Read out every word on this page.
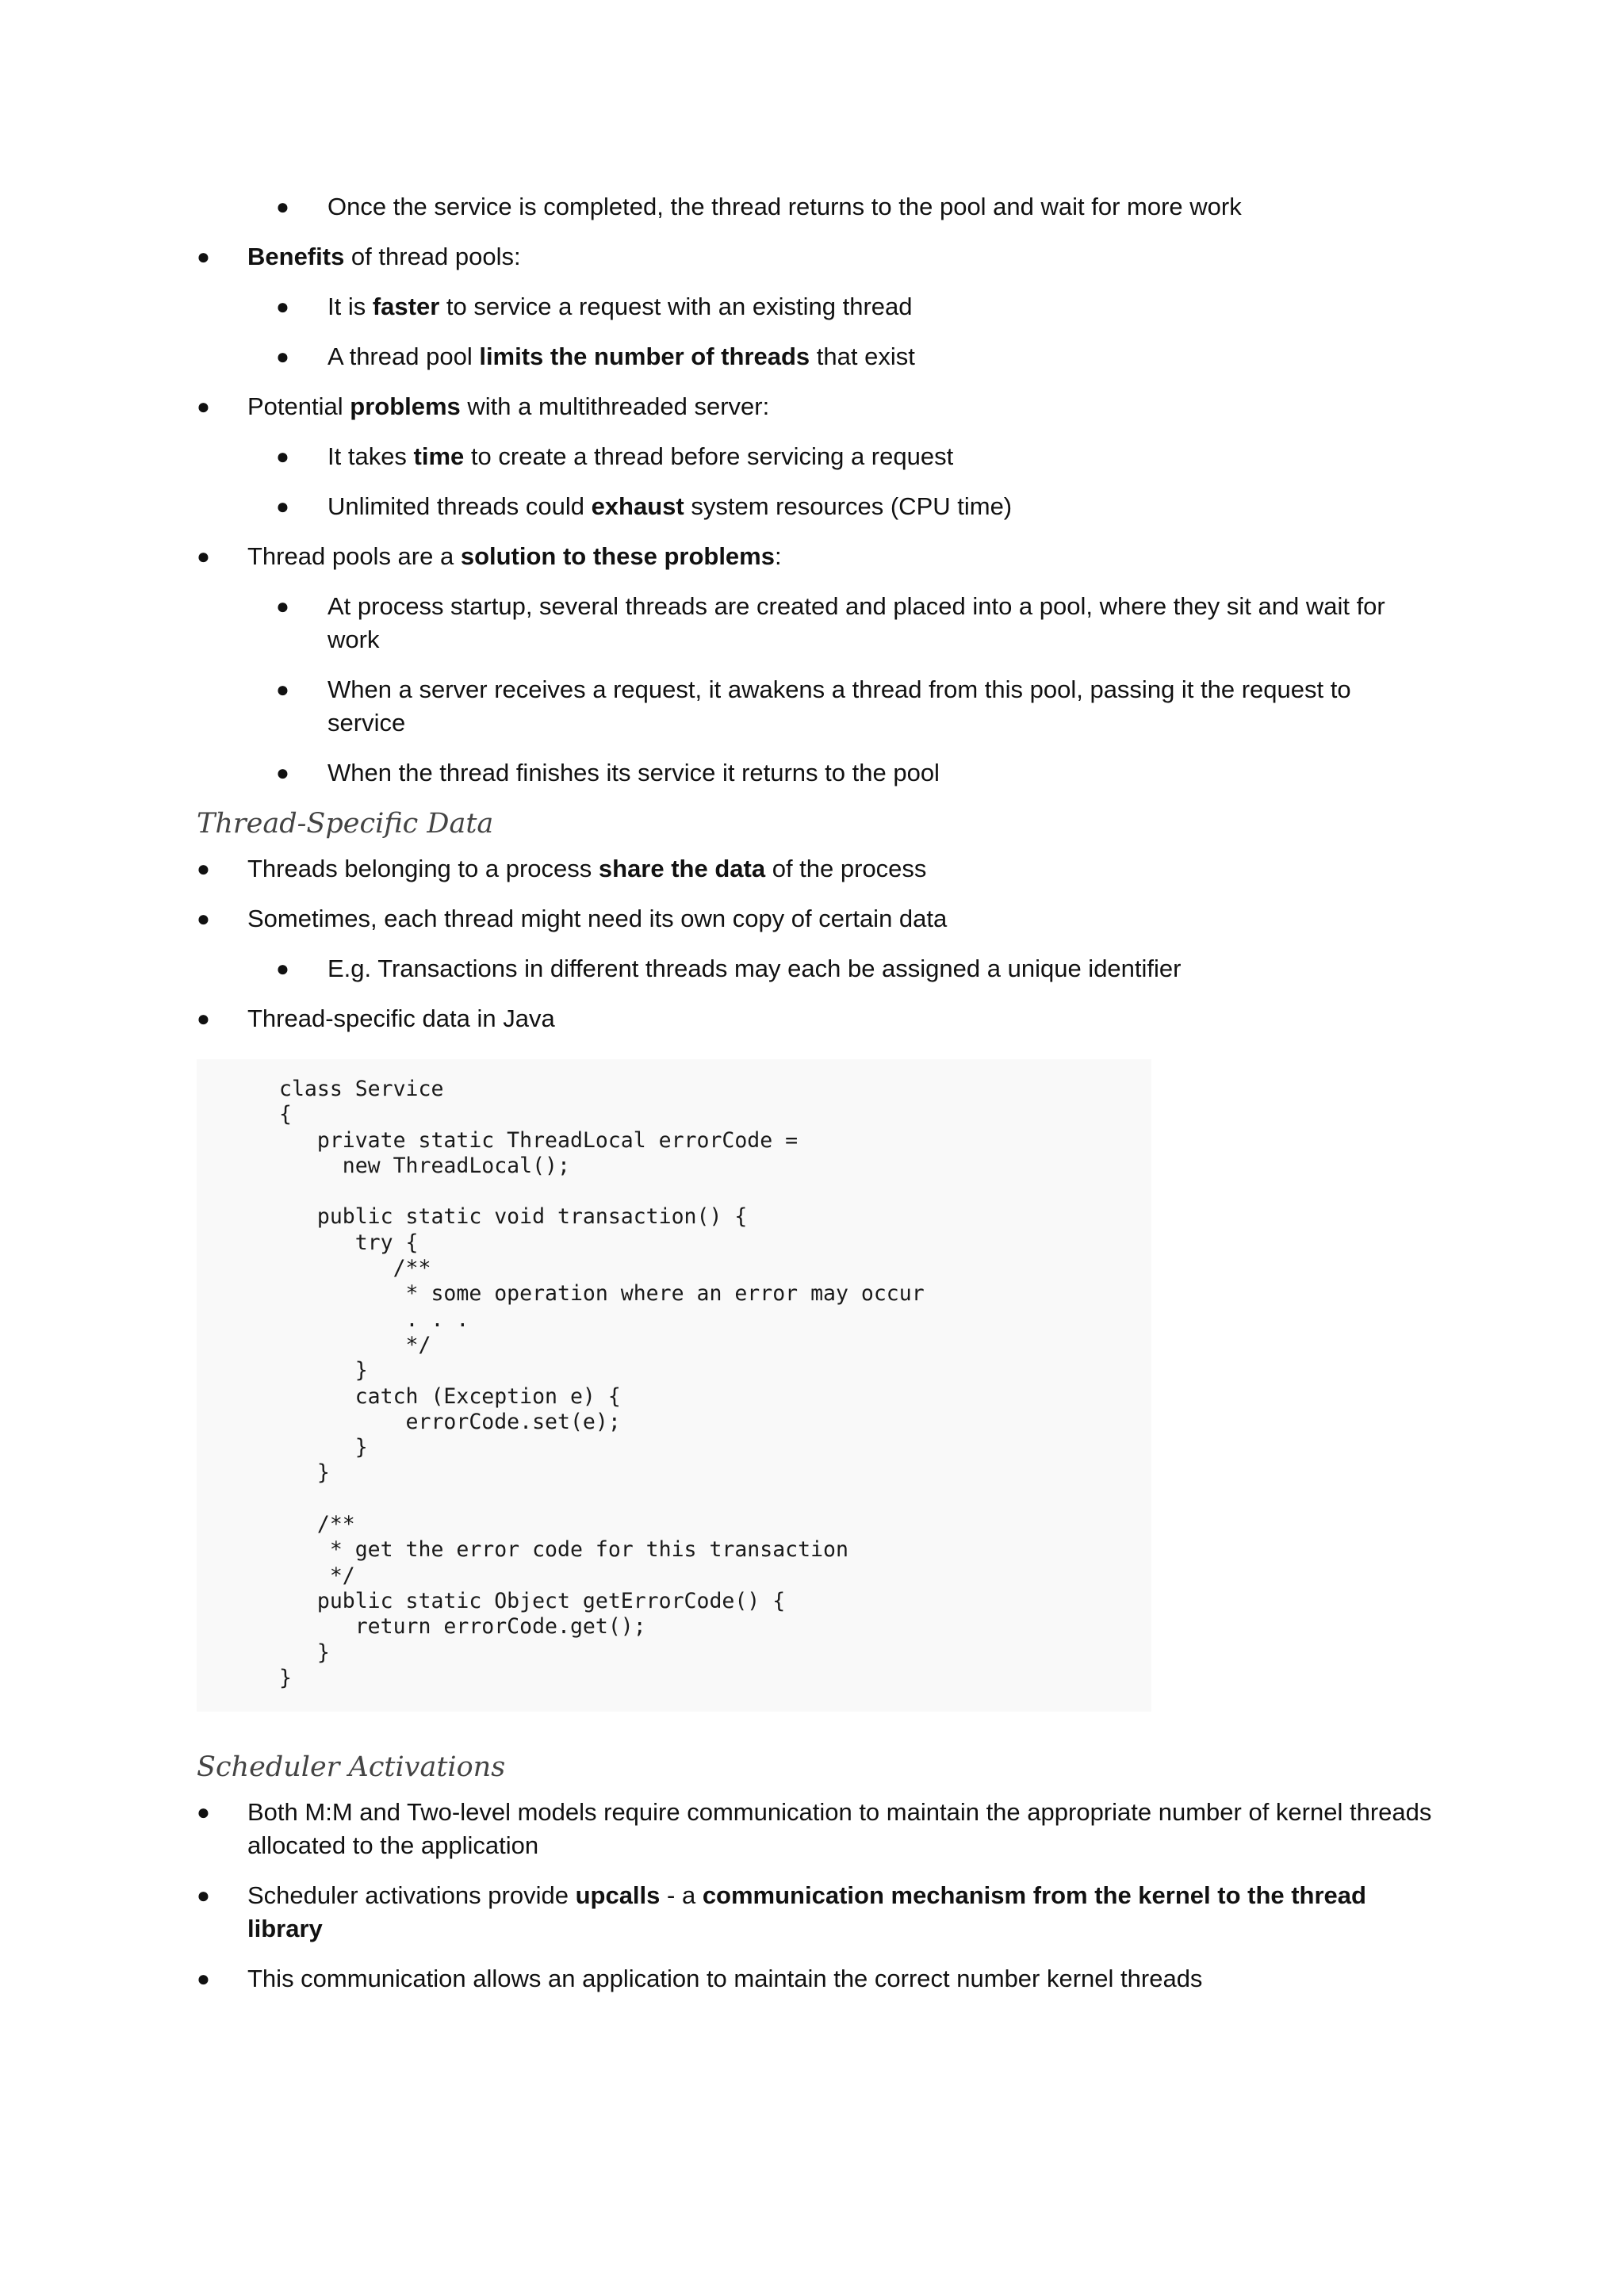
● Once the service is completed, the thread returns to the pool and wait for more work
● Benefits of thread pools:
● It is faster to service a request with an existing thread
● A thread pool limits the number of threads that exist
● Potential problems with a multithreaded server:
● It takes time to create a thread before servicing a request
● Unlimited threads could exhaust system resources (CPU time)
● Thread pools are a solution to these problems:
● At process startup, several threads are created and placed into a pool, where they sit and wait for work
● When a server receives a request, it awakens a thread from this pool, passing it the request to service
● When the thread finishes its service it returns to the pool
Thread-Specific Data
● Threads belonging to a process share the data of the process
● Sometimes, each thread might need its own copy of certain data
● E.g. Transactions in different threads may each be assigned a unique identifier
● Thread-specific data in Java
class Service
{
private static ThreadLocal errorCode =
new ThreadLocal();
public static void transaction() {
try {
/**
* some operation where an error may occur
. . .
*/
}
catch (Exception e) {
errorCode.set(e);
}
}
/**
* get the error code for this transaction
*/
public static Object getErrorCode() {
return errorCode.get();
}
}
Scheduler Activations
● Both M:M and Two-level models require communication to maintain the appropriate number of kernel threads allocated to the application
● Scheduler activations provide upcalls - a communication mechanism from the kernel to the thread library
● This communication allows an application to maintain the correct number kernel threads
